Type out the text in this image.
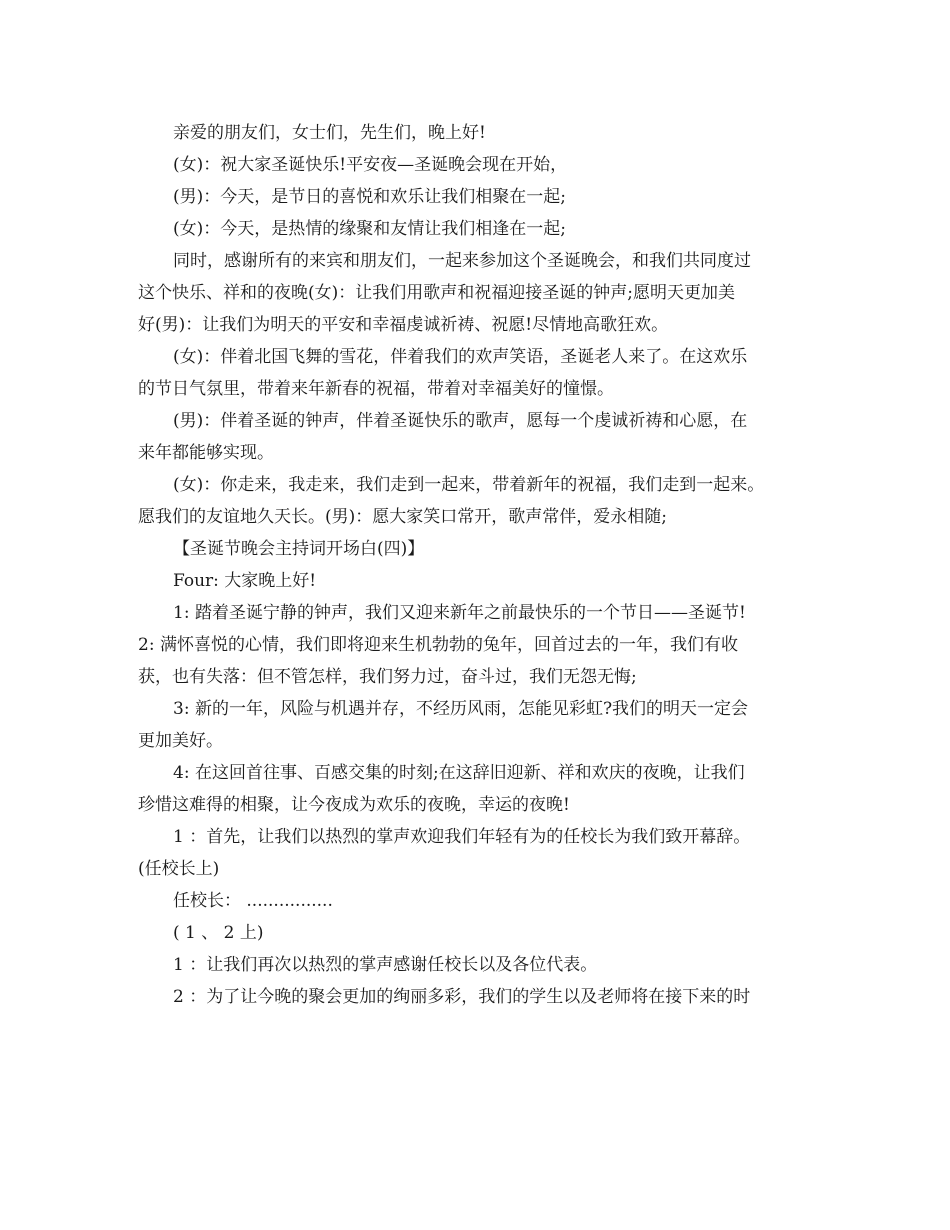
亲爱的朋友们，女士们，先生们，晚上好!
(女)：祝大家圣诞快乐!平安夜—圣诞晚会现在开始，
(男)：今天，是节日的喜悦和欢乐让我们相聚在一起;
(女)：今天，是热情的缘聚和友情让我们相逢在一起;
同时，感谢所有的来宾和朋友们，一起来参加这个圣诞晚会，和我们共同度过
这个快乐、祥和的夜晚(女)：让我们用歌声和祝福迎接圣诞的钟声;愿明天更加美
好(男)：让我们为明天的平安和幸福虔诚祈祷、祝愿!尽情地高歌狂欢。
(女)：伴着北国飞舞的雪花，伴着我们的欢声笑语，圣诞老人来了。在这欢乐
的节日气氛里，带着来年新春的祝福，带着对幸福美好的憧憬。
(男)：伴着圣诞的钟声，伴着圣诞快乐的歌声，愿每一个虔诚祈祷和心愿，在
来年都能够实现。
(女)：你走来，我走来，我们走到一起来，带着新年的祝福，我们走到一起来。
愿我们的友谊地久天长。(男)：愿大家笑口常开，歌声常伴，爱永相随;
【圣诞节晚会主持词开场白(四)】
Four: 大家晚上好!
1: 踏着圣诞宁静的钟声，我们又迎来新年之前最快乐的一个节日——圣诞节!
2: 满怀喜悦的心情，我们即将迎来生机勃勃的兔年，回首过去的一年，我们有收
获，也有失落：但不管怎样，我们努力过，奋斗过，我们无怨无悔;
3: 新的一年，风险与机遇并存，不经历风雨，怎能见彩虹?我们的明天一定会
更加美好。
4: 在这回首往事、百感交集的时刻;在这辞旧迎新、祥和欢庆的夜晚，让我们
珍惜这难得的相聚，让今夜成为欢乐的夜晚，幸运的夜晚!
1 ：首先，让我们以热烈的掌声欢迎我们年轻有为的任校长为我们致开幕辞。
(任校长上)
任校长： ................
( 1 、 2 上)
1 ：让我们再次以热烈的掌声感谢任校长以及各位代表。
2 ：为了让今晚的聚会更加的绚丽多彩，我们的学生以及老师将在接下来的时
